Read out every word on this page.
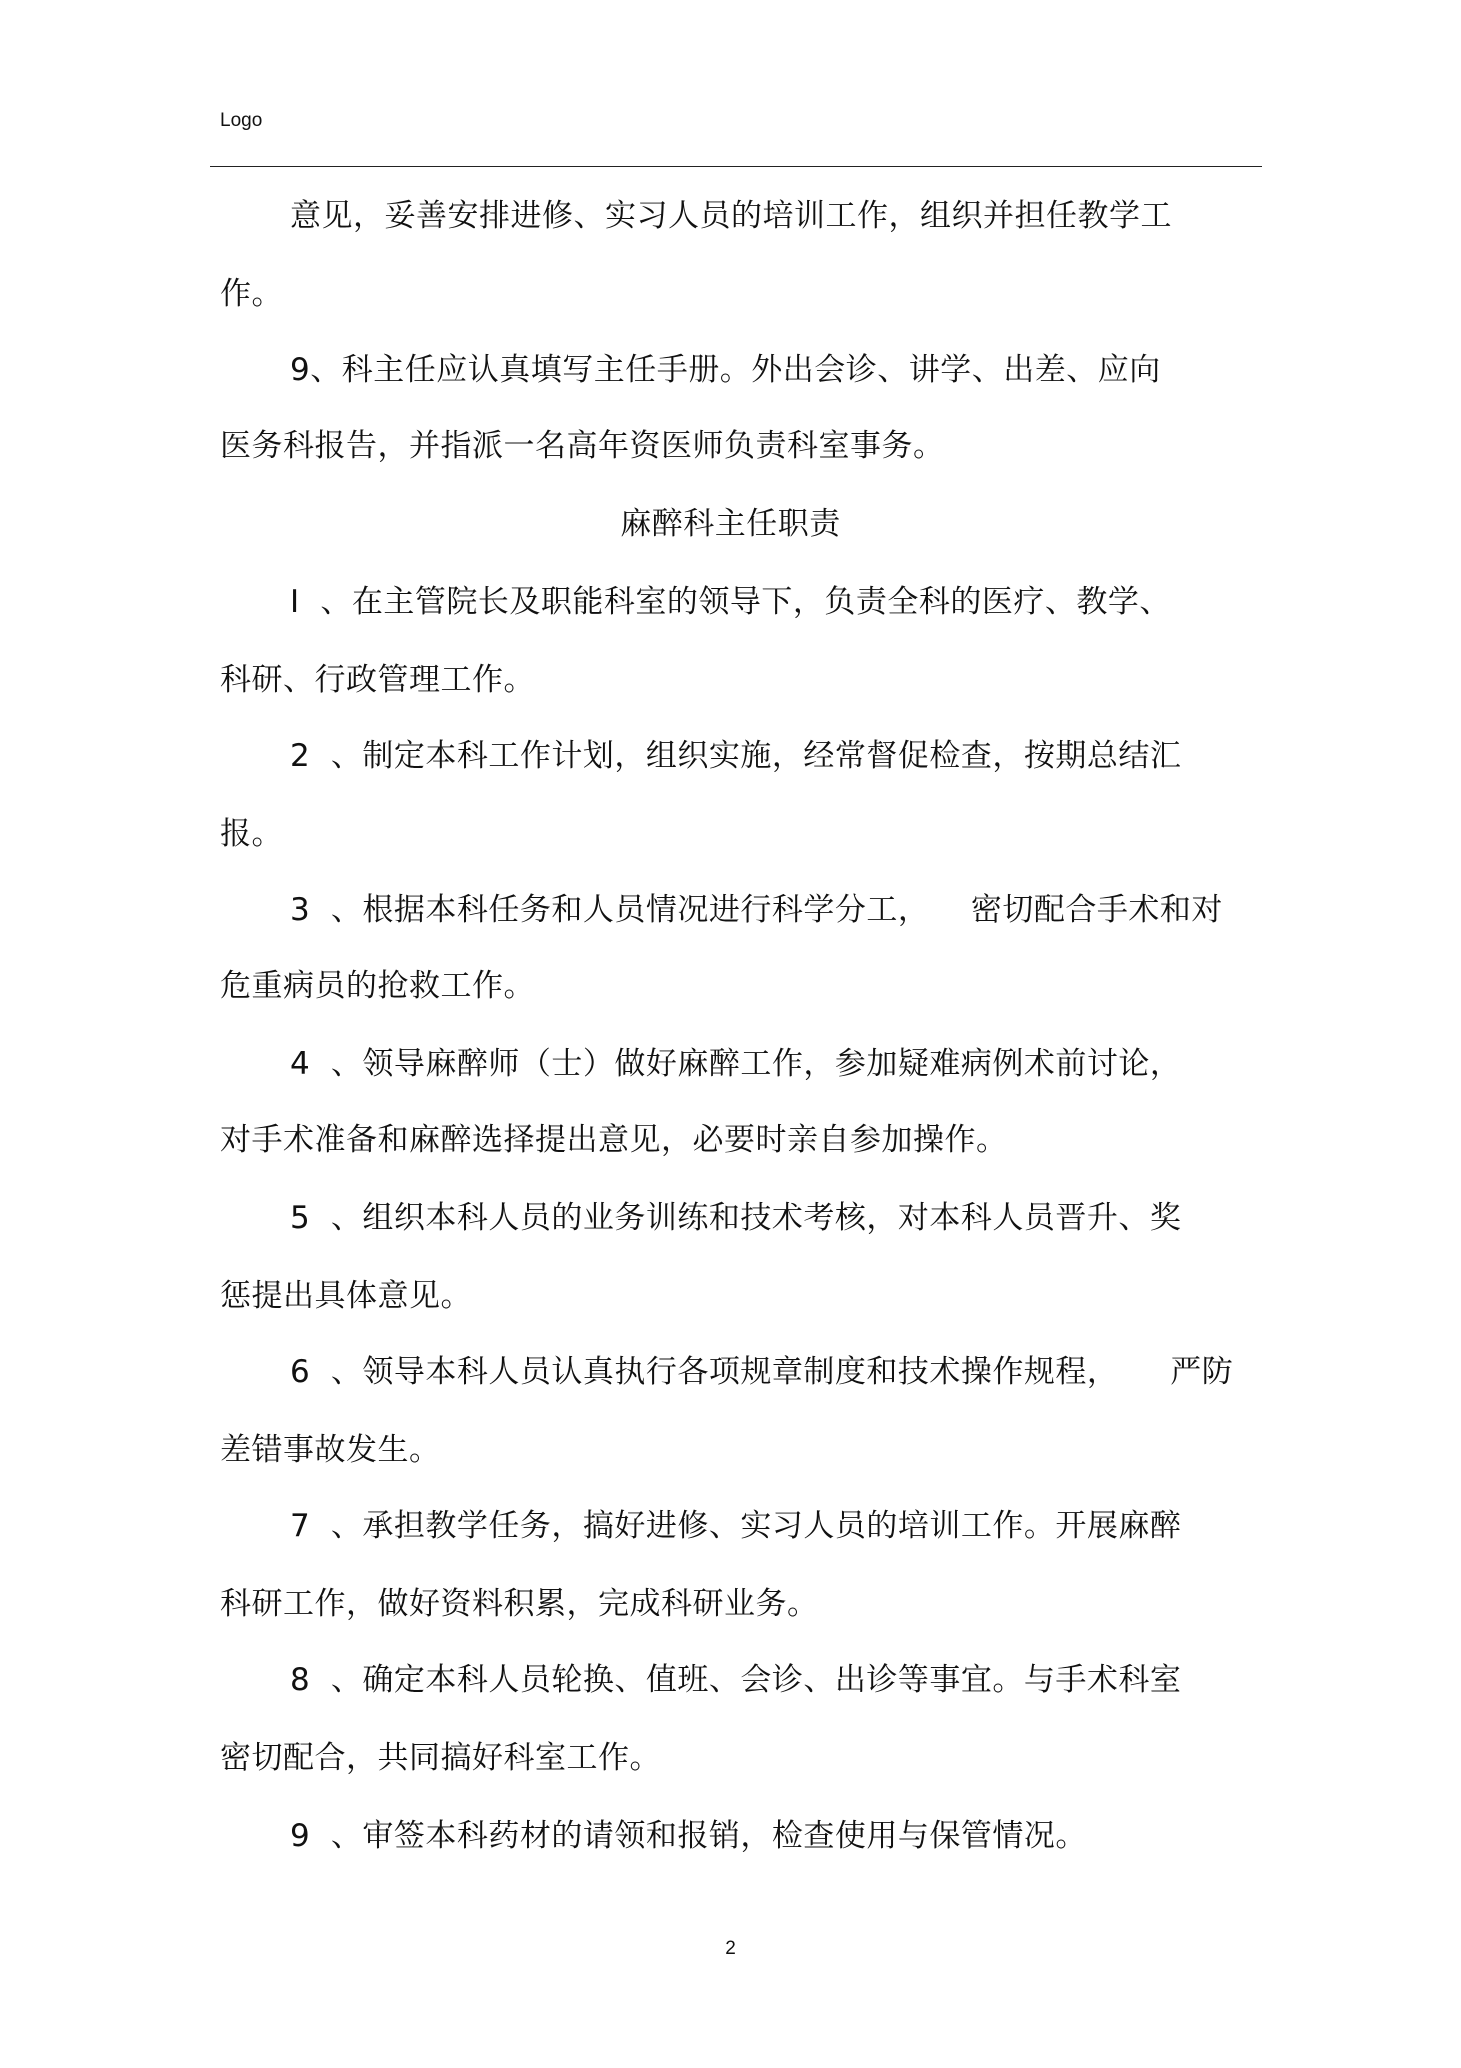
Logo
意见，妥善安排进修、实习人员的培训工作，组织并担任教学工
作。
9、科主任应认真填写主任手册。外出会诊、讲学、出差、应向
医务科报告，并指派一名高年资医师负责科室事务。
麻醉科主任职责
I  、在主管院长及职能科室的领导下，负责全科的医疗、教学、
科研、行政管理工作。
2  、制定本科工作计划，组织实施，经常督促检查，按期总结汇
报。
3  、根据本科任务和人员情况进行科学分工，    密切配合手术和对
危重病员的抢救工作。
4  、领导麻醉师（士）做好麻醉工作，参加疑难病例术前讨论，
对手术准备和麻醉选择提出意见，必要时亲自参加操作。
5  、组织本科人员的业务训练和技术考核，对本科人员晋升、奖
惩提出具体意见。
6  、领导本科人员认真执行各项规章制度和技术操作规程，     严防
差错事故发生。
7  、承担教学任务，搞好进修、实习人员的培训工作。开展麻醉
科研工作，做好资料积累，完成科研业务。
8  、确定本科人员轮换、值班、会诊、出诊等事宜。与手术科室
密切配合，共同搞好科室工作。
9  、审签本科药材的请领和报销，检查使用与保管情况。
2
